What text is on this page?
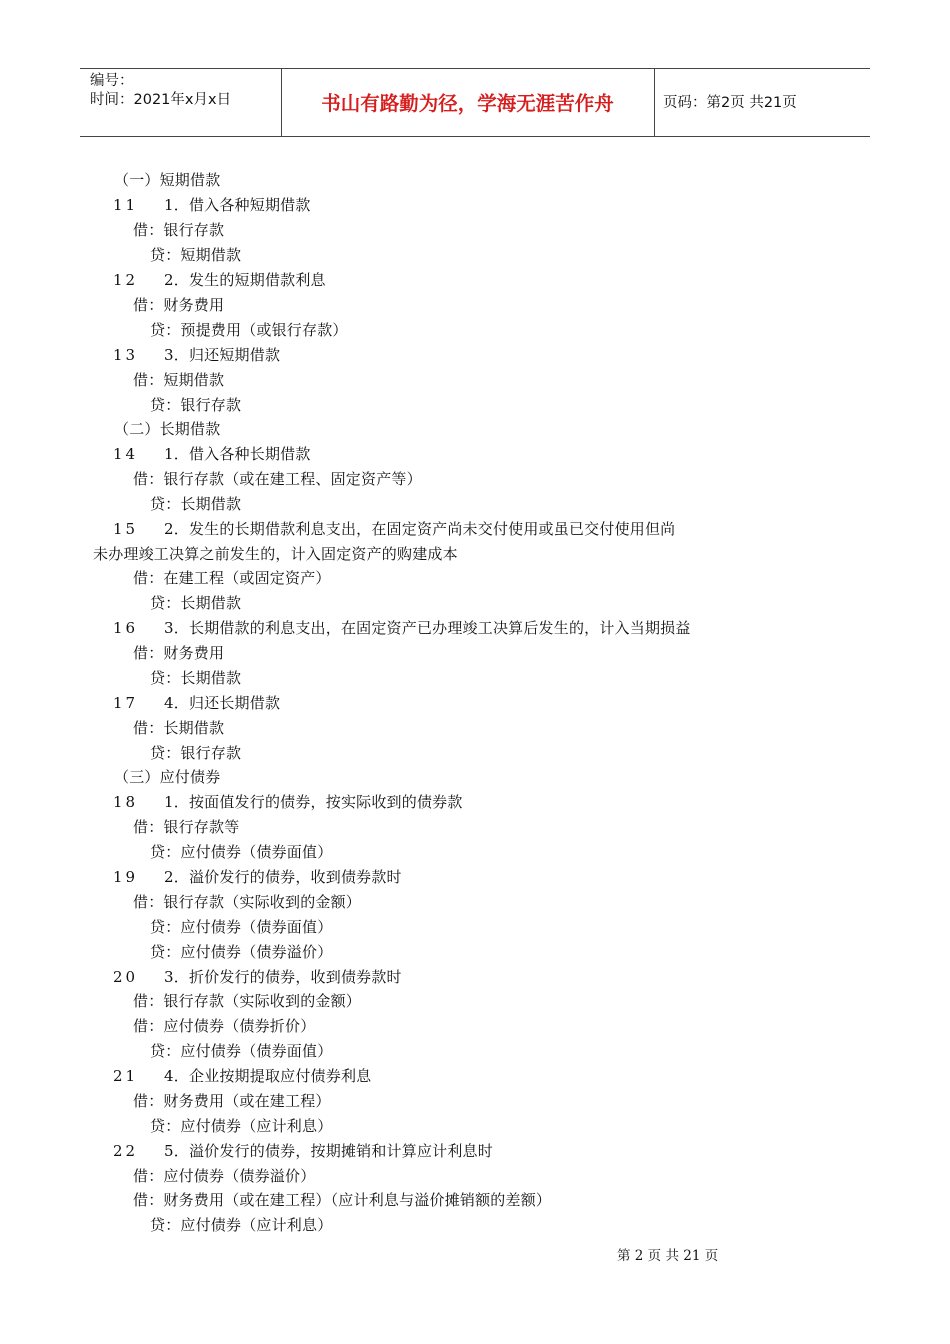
编号：
时间：2021年x月x日	书山有路勤为径，学海无涯苦作舟	页码：第2页 共21页
（一）短期借款
11 1．借入各种短期借款
借：银行存款
贷：短期借款
12 2．发生的短期借款利息
借：财务费用
贷：预提费用（或银行存款）
13 3．归还短期借款
借：短期借款
贷：银行存款
（二）长期借款
14 1．借入各种长期借款
借：银行存款（或在建工程、固定资产等）
贷：长期借款
15 2．发生的长期借款利息支出，在固定资产尚未交付使用或虽已交付使用但尚
未办理竣工决算之前发生的，计入固定资产的购建成本
借：在建工程（或固定资产）
贷：长期借款
16 3．长期借款的利息支出，在固定资产已办理竣工决算后发生的，计入当期损益
借：财务费用
贷：长期借款
17 4．归还长期借款
借：长期借款
贷：银行存款
（三）应付债券
18 1．按面值发行的债券，按实际收到的债券款
借：银行存款等
贷：应付债券（债券面值）
19 2．溢价发行的债券，收到债券款时
借：银行存款（实际收到的金额）
贷：应付债券（债券面值）
贷：应付债券（债券溢价）
20 3．折价发行的债券，收到债券款时
借：银行存款（实际收到的金额）
借：应付债券（债券折价）
贷：应付债券（债券面值）
21 4．企业按期提取应付债券利息
借：财务费用（或在建工程）
贷：应付债券（应计利息）
22 5．溢价发行的债券，按期摊销和计算应计利息时
借：应付债券（债券溢价）
借：财务费用（或在建工程）（应计利息与溢价摊销额的差额）
贷：应付债券（应计利息）
第 2 页 共 21 页
